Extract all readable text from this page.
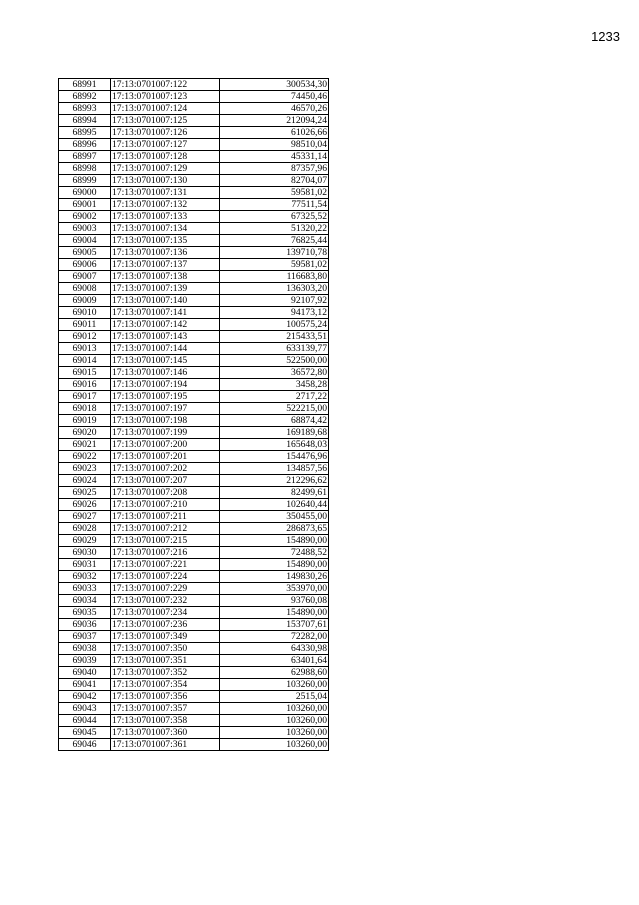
1233
68991	17:13:0701007:122	300534,30
68992	17:13:0701007:123	74450,46
68993	17:13:0701007:124	46570,26
68994	17:13:0701007:125	212094,24
68995	17:13:0701007:126	61026,66
68996	17:13:0701007:127	98510,04
68997	17:13:0701007:128	45331,14
68998	17:13:0701007:129	87357,96
68999	17:13:0701007:130	82704,07
69000	17:13:0701007:131	59581,02
69001	17:13:0701007:132	77511,54
69002	17:13:0701007:133	67325,52
69003	17:13:0701007:134	51320,22
69004	17:13:0701007:135	76825,44
69005	17:13:0701007:136	139710,78
69006	17:13:0701007:137	59581,02
69007	17:13:0701007:138	116683,80
69008	17:13:0701007:139	136303,20
69009	17:13:0701007:140	92107,92
69010	17:13:0701007:141	94173,12
69011	17:13:0701007:142	100575,24
69012	17:13:0701007:143	215433,51
69013	17:13:0701007:144	633139,77
69014	17:13:0701007:145	522500,00
69015	17:13:0701007:146	36572,80
69016	17:13:0701007:194	3458,28
69017	17:13:0701007:195	2717,22
69018	17:13:0701007:197	522215,00
69019	17:13:0701007:198	68874,42
69020	17:13:0701007:199	169189,68
69021	17:13:0701007:200	165648,03
69022	17:13:0701007:201	154476,96
69023	17:13:0701007:202	134857,56
69024	17:13:0701007:207	212296,62
69025	17:13:0701007:208	82499,61
69026	17:13:0701007:210	102640,44
69027	17:13:0701007:211	350455,00
69028	17:13:0701007:212	286873,65
69029	17:13:0701007:215	154890,00
69030	17:13:0701007:216	72488,52
69031	17:13:0701007:221	154890,00
69032	17:13:0701007:224	149830,26
69033	17:13:0701007:229	353970,00
69034	17:13:0701007:232	93760,08
69035	17:13:0701007:234	154890,00
69036	17:13:0701007:236	153707,61
69037	17:13:0701007:349	72282,00
69038	17:13:0701007:350	64330,98
69039	17:13:0701007:351	63401,64
69040	17:13:0701007:352	62988,60
69041	17:13:0701007:354	103260,00
69042	17:13:0701007:356	2515,04
69043	17:13:0701007:357	103260,00
69044	17:13:0701007:358	103260,00
69045	17:13:0701007:360	103260,00
69046	17:13:0701007:361	103260,00
